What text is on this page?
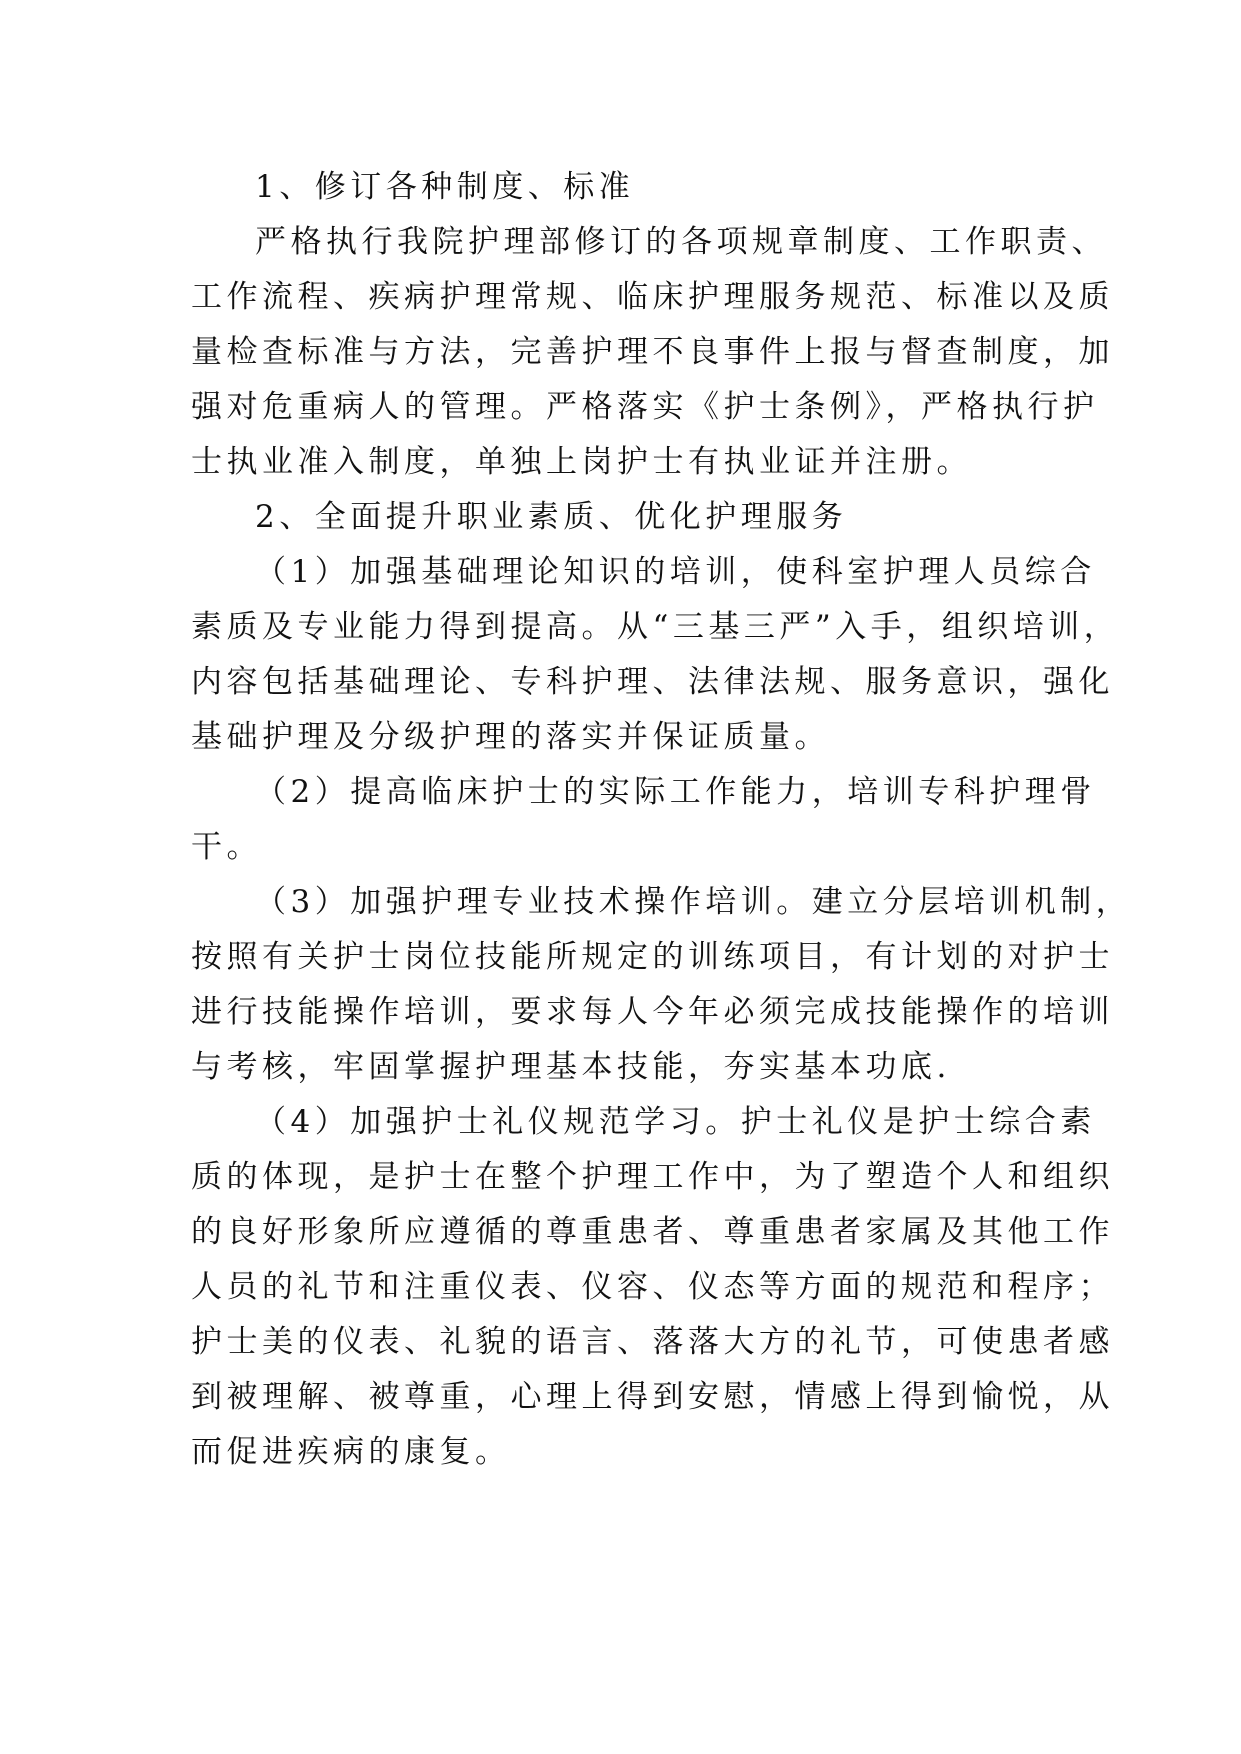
1、修订各种制度、标准

严格执行我院护理部修订的各项规章制度、工作职责、

工作流程、疾病护理常规、临床护理服务规范、标准以及质

量检查标准与方法，完善护理不良事件上报与督查制度，加

强对危重病人的管理。严格落实《护士条例》，严格执行护

士执业准入制度，单独上岗护士有执业证并注册。

2、全面提升职业素质、优化护理服务

（1）加强基础理论知识的培训，使科室护理人员综合

素质及专业能力得到提高。从“三基三严”入手，组织培训，

内容包括基础理论、专科护理、法律法规、服务意识，强化

基础护理及分级护理的落实并保证质量。

（2）提高临床护士的实际工作能力，培训专科护理骨

干。

（3）加强护理专业技术操作培训。建立分层培训机制，

按照有关护士岗位技能所规定的训练项目，有计划的对护士

进行技能操作培训，要求每人今年必须完成技能操作的培训

与考核，牢固掌握护理基本技能，夯实基本功底.

（4）加强护士礼仪规范学习。护士礼仪是护士综合素

质的体现，是护士在整个护理工作中，为了塑造个人和组织

的良好形象所应遵循的尊重患者、尊重患者家属及其他工作

人员的礼节和注重仪表、仪容、仪态等方面的规范和程序；

护士美的仪表、礼貌的语言、落落大方的礼节，可使患者感

到被理解、被尊重，心理上得到安慰，情感上得到愉悦，从

而促进疾病的康复。
